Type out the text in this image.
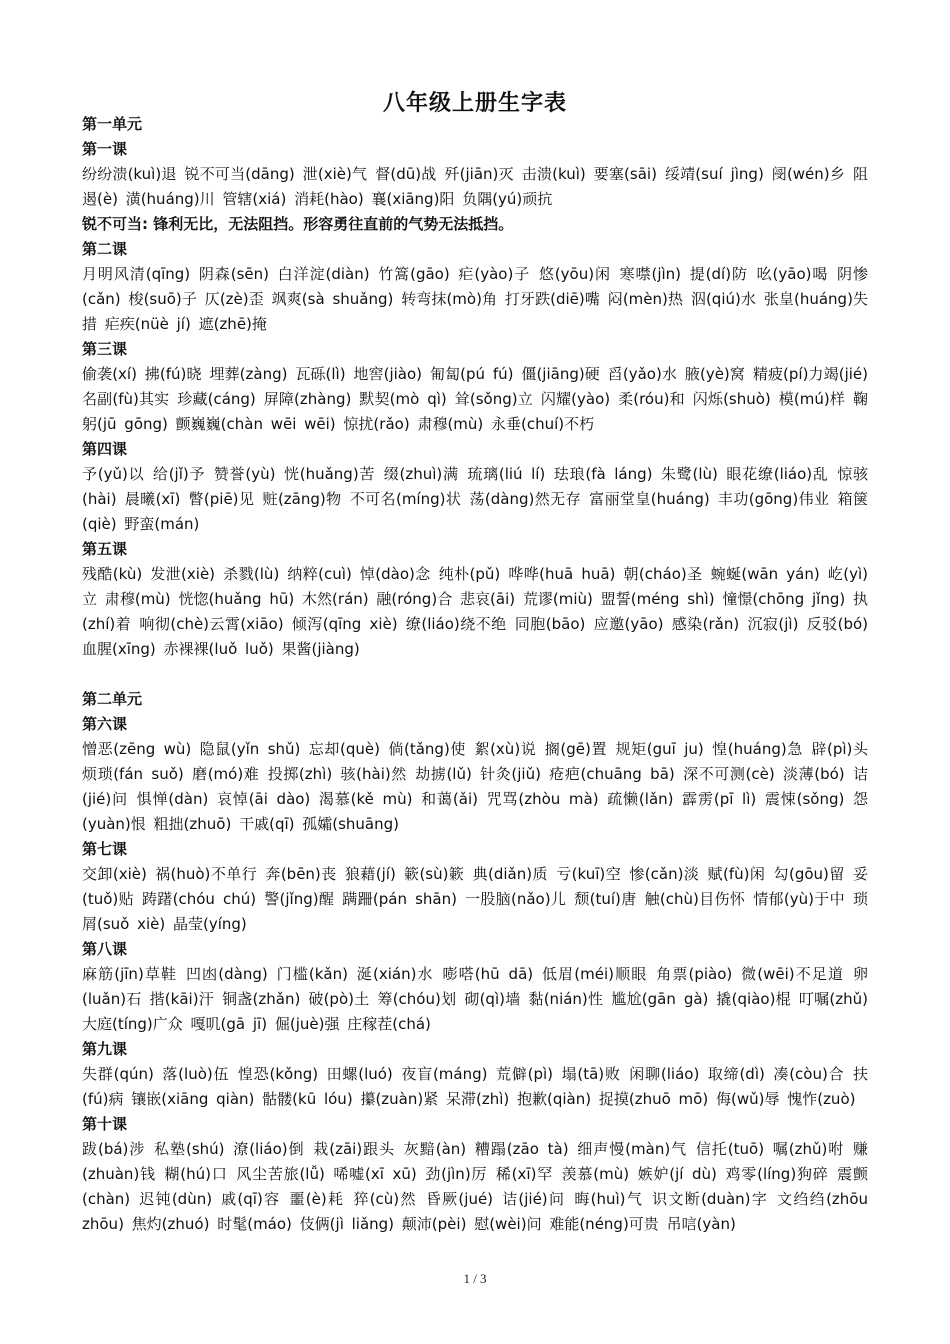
八年级上册生字表

第一单元

第一课

纷纷溃(kuì)退 锐不可当(dāng) 泄(xiè)气 督(dū)战 歼(jiān)灭 击溃(kuì) 要塞(sāi) 绥靖(suí jìng) 阌(wén)乡 阻遏(è) 潢(huáng)川 管辖(xiá) 消耗(hào) 襄(xiāng)阳 负隅(yú)顽抗

锐不可当: 锋利无比，无法阻挡。形容勇往直前的气势无法抵挡。

第二课

月明风清(qīng) 阴森(sēn) 白洋淀(diàn) 竹篙(gāo) 疟(yào)子 悠(yōu)闲 寒噤(jìn) 提(dí)防 吆(yāo)喝 阴惨(cǎn) 梭(suō)子 仄(zè)歪 飒爽(sà shuǎng) 转弯抹(mò)角 打牙跌(diē)嘴 闷(mèn)热 泅(qiú)水 张皇(huáng)失措 疟疾(nüè jí) 遮(zhē)掩

第三课

偷袭(xí) 拂(fú)晓 埋葬(zàng) 瓦砾(lì) 地窖(jiào) 匍匐(pú fú) 僵(jiāng)硬 舀(yǎo)水 腋(yè)窝 精疲(pí)力竭(jié) 名副(fù)其实 珍藏(cáng) 屏障(zhàng) 默契(mò qì) 耸(sǒng)立 闪耀(yào) 柔(róu)和 闪烁(shuò) 模(mú)样 鞠躬(jū gōng) 颤巍巍(chàn wēi wēi) 惊扰(rǎo) 肃穆(mù) 永垂(chuí)不朽

第四课

予(yǔ)以 给(jǐ)予 赞誉(yù) 恍(huǎng)苦 缀(zhuì)满 琉璃(liú lí) 珐琅(fà láng) 朱鹭(lù) 眼花缭(liáo)乱 惊骇(hài) 晨曦(xī) 瞥(piē)见 赃(zāng)物 不可名(míng)状 荡(dàng)然无存 富丽堂皇(huáng) 丰功(gōng)伟业 箱箧(qiè) 野蛮(mán)

第五课

残酷(kù) 发泄(xiè) 杀戮(lù) 纳粹(cuì) 悼(dào)念 纯朴(pǔ) 哗哗(huā huā) 朝(cháo)圣 蜿蜒(wān yán) 屹(yì)立 肃穆(mù) 恍惚(huǎng hū) 木然(rán) 融(róng)合 悲哀(āi) 荒谬(miù) 盟誓(méng shì) 憧憬(chōng jǐng) 执(zhí)着 响彻(chè)云霄(xiāo) 倾泻(qīng xiè) 缭(liáo)绕不绝 同胞(bāo) 应邀(yāo) 感染(rǎn) 沉寂(jì) 反驳(bó) 血腥(xīng) 赤裸裸(luǒ luǒ) 果酱(jiàng)

第二单元

第六课

憎恶(zēng wù) 隐鼠(yǐn shǔ) 忘却(què) 倘(tǎng)使 絮(xù)说 搁(gē)置 规矩(guī ju) 惶(huáng)急 辟(pì)头 烦琐(fán suǒ) 磨(mó)难 投掷(zhì) 骇(hài)然 劫掳(lǔ) 针灸(jiǔ) 疮疤(chuāng bā) 深不可测(cè) 淡薄(bó) 诘(jié)问 惧惮(dàn) 哀悼(āi dào) 渴慕(kě mù) 和蔼(ǎi) 咒骂(zhòu mà) 疏懒(lǎn) 霹雳(pī lì) 震悚(sǒng) 怨(yuàn)恨 粗拙(zhuō) 干戚(qī) 孤孀(shuāng)

第七课

交卸(xiè) 祸(huò)不单行 奔(bēn)丧 狼藉(jí) 簌(sù)簌 典(diǎn)质 亏(kuī)空 惨(cǎn)淡 赋(fù)闲 勾(gōu)留 妥(tuǒ)贴 踌躇(chóu chú) 警(jǐng)醒 蹒跚(pán shān) 一股脑(nǎo)儿 颓(tuí)唐 触(chù)目伤怀 情郁(yù)于中 琐屑(suǒ xiè) 晶莹(yíng)

第八课

麻筋(jīn)草鞋 凹凼(dàng) 门槛(kǎn) 涎(xián)水 嘭嗒(hū dā) 低眉(méi)顺眼 角票(piào) 微(wēi)不足道 卵(luǎn)石 揩(kāi)汗 铜盏(zhǎn) 破(pò)土 筹(chóu)划 砌(qì)墙 黏(nián)性 尴尬(gān gà) 撬(qiào)棍 叮嘱(zhǔ) 大庭(tíng)广众 嘎叽(gā jī) 倔(juè)强 庄稼茬(chá)

第九课

失群(qún) 落(luò)伍 惶恐(kǒng) 田螺(luó) 夜盲(máng) 荒僻(pì) 塌(tā)败 闲聊(liáo) 取缔(dì) 凑(còu)合 扶(fú)病 镶嵌(xiāng qiàn) 骷髅(kū lóu) 攥(zuàn)紧 呆滞(zhì) 抱歉(qiàn) 捉摸(zhuō mō) 侮(wǔ)辱 愧怍(zuò)

第十课

跋(bá)涉 私塾(shú) 潦(liáo)倒 栽(zāi)跟头 灰黯(àn) 糟蹋(zāo tà) 细声慢(màn)气 信托(tuō) 嘱(zhǔ)咐 赚(zhuàn)钱 糊(hú)口 风尘苦旅(lǚ) 唏嘘(xī xū) 劲(jìn)厉 稀(xī)罕 羡慕(mù) 嫉妒(jí dù) 鸡零(líng)狗碎 震颤(chàn) 迟钝(dùn) 戚(qī)容 噩(è)耗 猝(cù)然 昏厥(jué) 诘(jié)问 晦(huì)气 识文断(duàn)字 文绉绉(zhōu zhōu) 焦灼(zhuó) 时髦(máo) 伎俩(jì liǎng) 颠沛(pèi) 慰(wèi)问 难能(néng)可贵 吊唁(yàn)

1 / 3
